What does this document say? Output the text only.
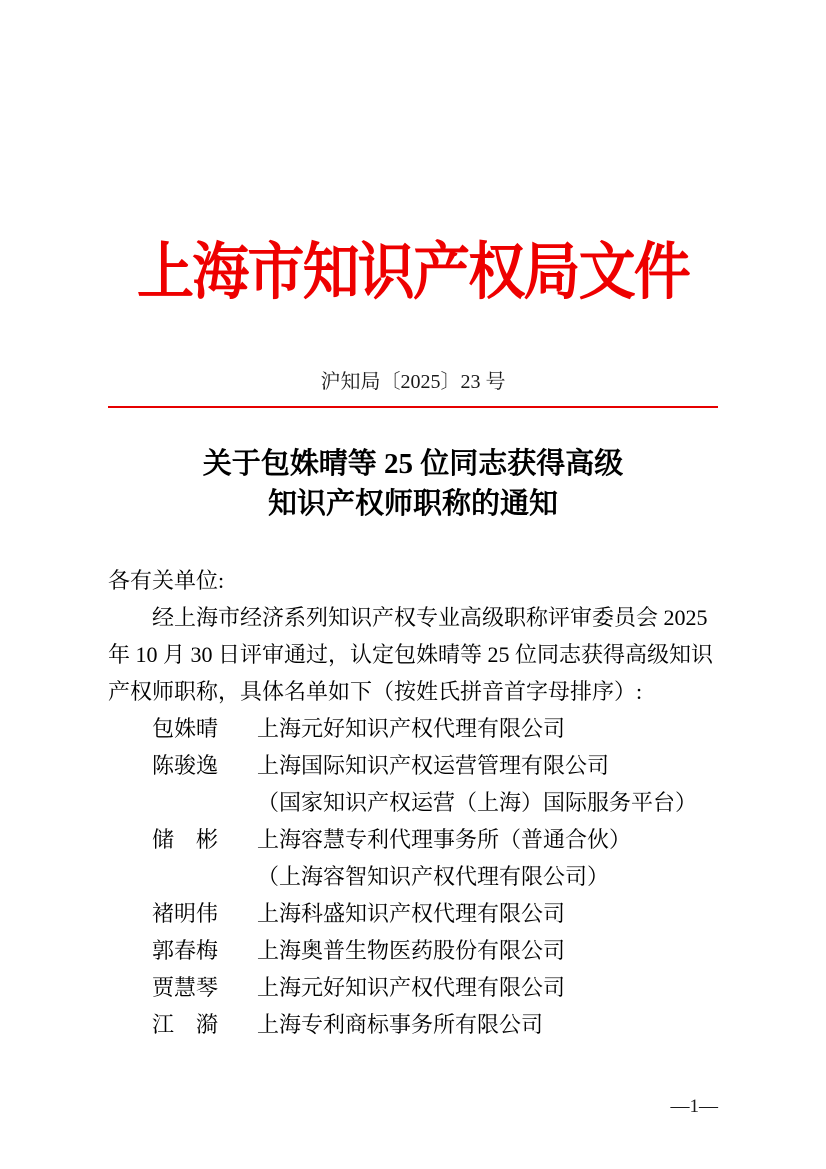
上海市知识产权局文件
沪知局〔2025〕23 号
关于包姝晴等 25 位同志获得高级
知识产权师职称的通知
各有关单位:
经上海市经济系列知识产权专业高级职称评审委员会 2025
年 10 月 30 日评审通过，认定包姝晴等 25 位同志获得高级知识
产权师职称，具体名单如下（按姓氏拼音首字母排序）:
包姝晴 上海元好知识产权代理有限公司
陈骏逸 上海国际知识产权运营管理有限公司
（国家知识产权运营（上海）国际服务平台）
储　彬 上海容慧专利代理事务所（普通合伙）
（上海容智知识产权代理有限公司）
褚明伟 上海科盛知识产权代理有限公司
郭春梅 上海奥普生物医药股份有限公司
贾慧琴 上海元好知识产权代理有限公司
江　漪 上海专利商标事务所有限公司
—1—
